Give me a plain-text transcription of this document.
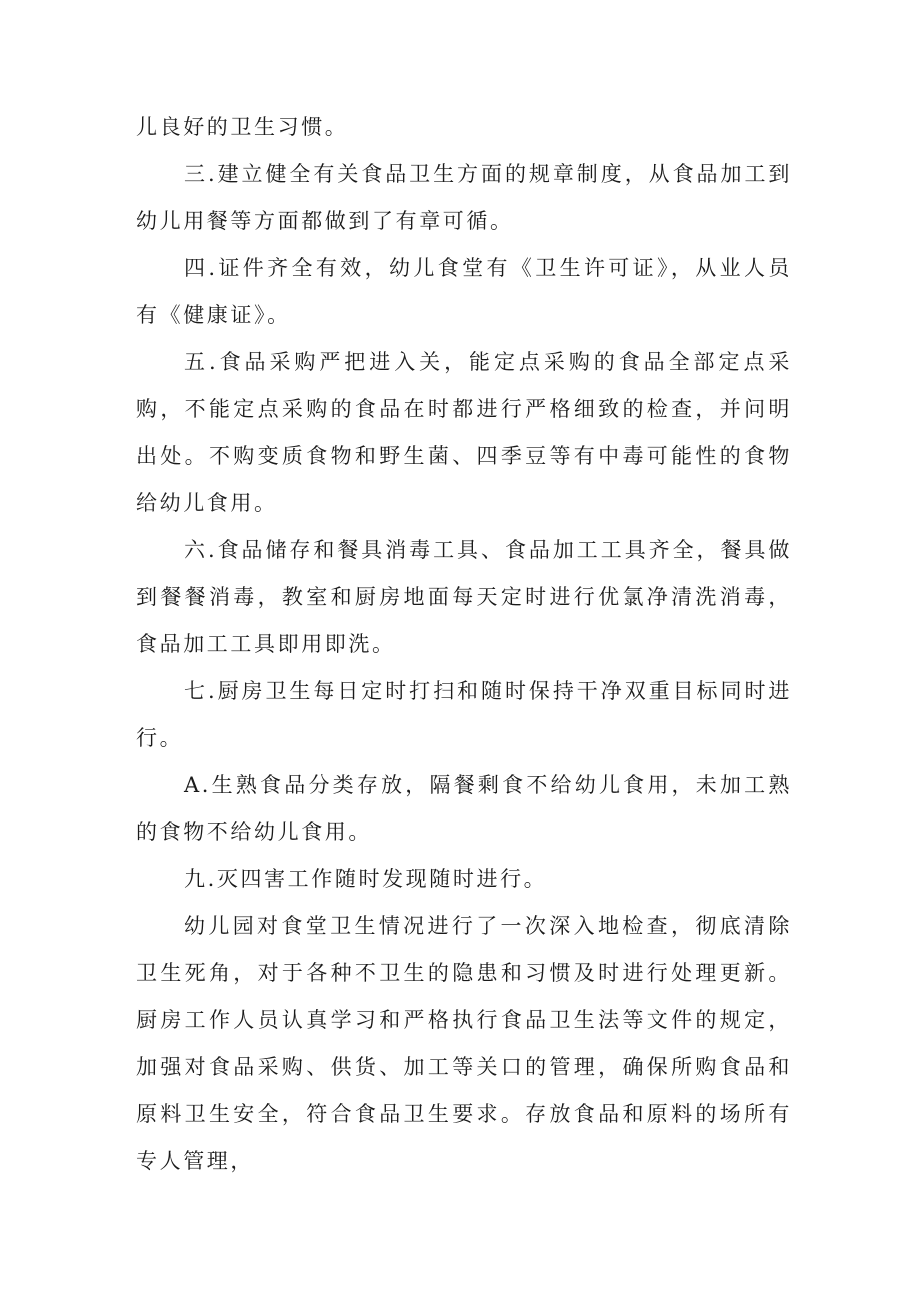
儿良好的卫生习惯。

三.建立健全有关食品卫生方面的规章制度，从食品加工到幼儿用餐等方面都做到了有章可循。

四.证件齐全有效，幼儿食堂有《卫生许可证》，从业人员有《健康证》。

五.食品采购严把进入关，能定点采购的食品全部定点采购，不能定点采购的食品在时都进行严格细致的检查，并问明出处。不购变质食物和野生菌、四季豆等有中毒可能性的食物给幼儿食用。

六.食品储存和餐具消毒工具、食品加工工具齐全，餐具做到餐餐消毒，教室和厨房地面每天定时进行优氯净清洗消毒，食品加工工具即用即洗。

七.厨房卫生每日定时打扫和随时保持干净双重目标同时进行。

A.生熟食品分类存放，隔餐剩食不给幼儿食用，未加工熟的食物不给幼儿食用。

九.灭四害工作随时发现随时进行。

幼儿园对食堂卫生情况进行了一次深入地检查，彻底清除卫生死角，对于各种不卫生的隐患和习惯及时进行处理更新。厨房工作人员认真学习和严格执行食品卫生法等文件的规定，加强对食品采购、供货、加工等关口的管理，确保所购食品和原料卫生安全，符合食品卫生要求。存放食品和原料的场所有专人管理，
